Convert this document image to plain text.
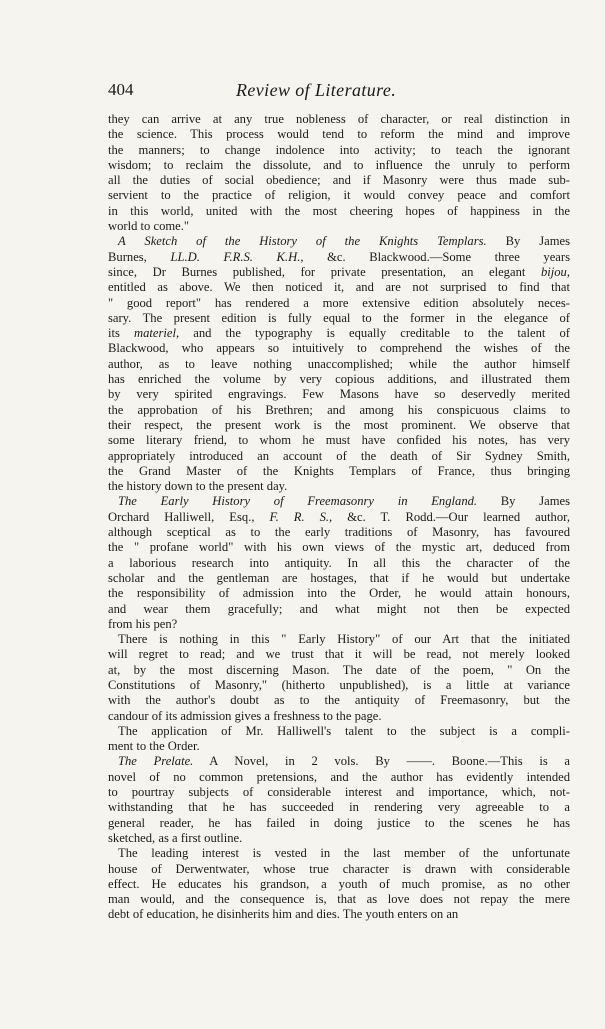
404	Review of Literature.
they can arrive at any true nobleness of character, or real distinction in
the science. This process would tend to reform the mind and improve
the manners; to change indolence into activity; to teach the ignorant
wisdom; to reclaim the dissolute, and to influence the unruly to perform
all the duties of social obedience; and if Masonry were thus made sub-
servient to the practice of religion, it would convey peace and comfort
in this world, united with the most cheering hopes of happiness in the
world to come."
A Sketch of the History of the Knights Templars. By James
Burnes, LL.D. F.R.S. K.H., &c. Blackwood.—Some three years
since, Dr Burnes published, for private presentation, an elegant bijou,
entitled as above. We then noticed it, and are not surprised to find that
" good report" has rendered a more extensive edition absolutely neces-
sary. The present edition is fully equal to the former in the elegance of
its materiel, and the typography is equally creditable to the talent of
Blackwood, who appears so intuitively to comprehend the wishes of the
author, as to leave nothing unaccomplished; while the author himself
has enriched the volume by very copious additions, and illustrated them
by very spirited engravings. Few Masons have so deservedly merited
the approbation of his Brethren; and among his conspicuous claims to
their respect, the present work is the most prominent. We observe that
some literary friend, to whom he must have confided his notes, has very
appropriately introduced an account of the death of Sir Sydney Smith,
the Grand Master of the Knights Templars of France, thus bringing
the history down to the present day.
The Early History of Freemasonry in England. By James
Orchard Halliwell, Esq., F. R. S., &c. T. Rodd.—Our learned author,
although sceptical as to the early traditions of Masonry, has favoured
the " profane world" with his own views of the mystic art, deduced from
a laborious research into antiquity. In all this the character of the
scholar and the gentleman are hostages, that if he would but undertake
the responsibility of admission into the Order, he would attain honours,
and wear them gracefully; and what might not then be expected
from his pen?
There is nothing in this " Early History" of our Art that the initiated
will regret to read; and we trust that it will be read, not merely looked
at, by the most discerning Mason. The date of the poem, " On the
Constitutions of Masonry," (hitherto unpublished), is a little at variance
with the author's doubt as to the antiquity of Freemasonry, but the
candour of its admission gives a freshness to the page.
The application of Mr. Halliwell's talent to the subject is a compli-
ment to the Order.
The Prelate. A Novel, in 2 vols. By ——. Boone.—This is a
novel of no common pretensions, and the author has evidently intended
to pourtray subjects of considerable interest and importance, which, not-
withstanding that he has succeeded in rendering very agreeable to a
general reader, he has failed in doing justice to the scenes he has
sketched, as a first outline.
The leading interest is vested in the last member of the unfortunate
house of Derwentwater, whose true character is drawn with considerable
effect. He educates his grandson, a youth of much promise, as no other
man would, and the consequence is, that as love does not repay the mere
debt of education, he disinherits him and dies. The youth enters on an
